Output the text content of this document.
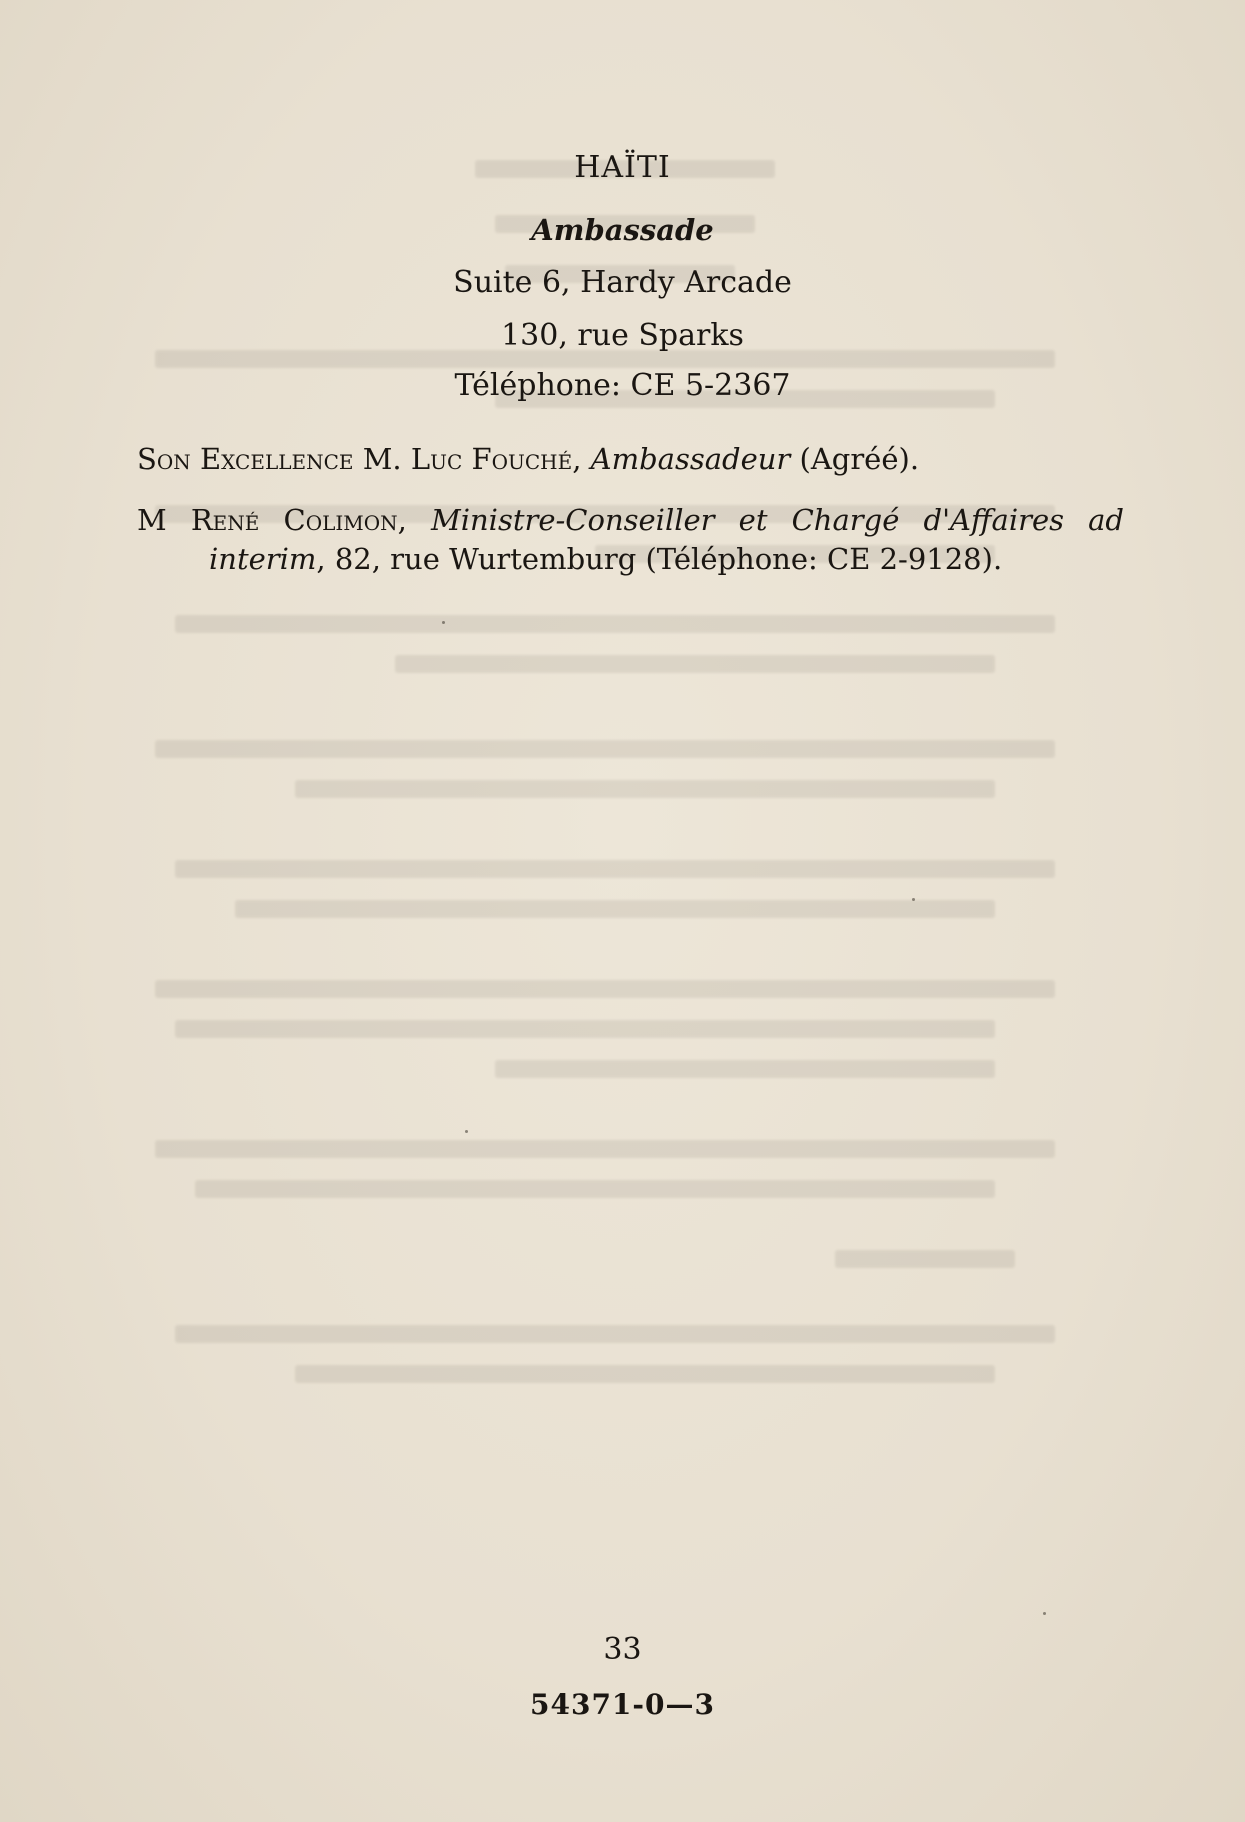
HAÏTI
Ambassade
Suite 6, Hardy Arcade
130, rue Sparks
Téléphone: CE 5-2367
Son Excellence M. Luc Fouché, Ambassadeur (Agréé).
M René Colimon, Ministre-Conseiller et Chargé d'Affaires ad interim, 82, rue Wurtemburg (Téléphone: CE 2-9128).
33
54371-0—3
